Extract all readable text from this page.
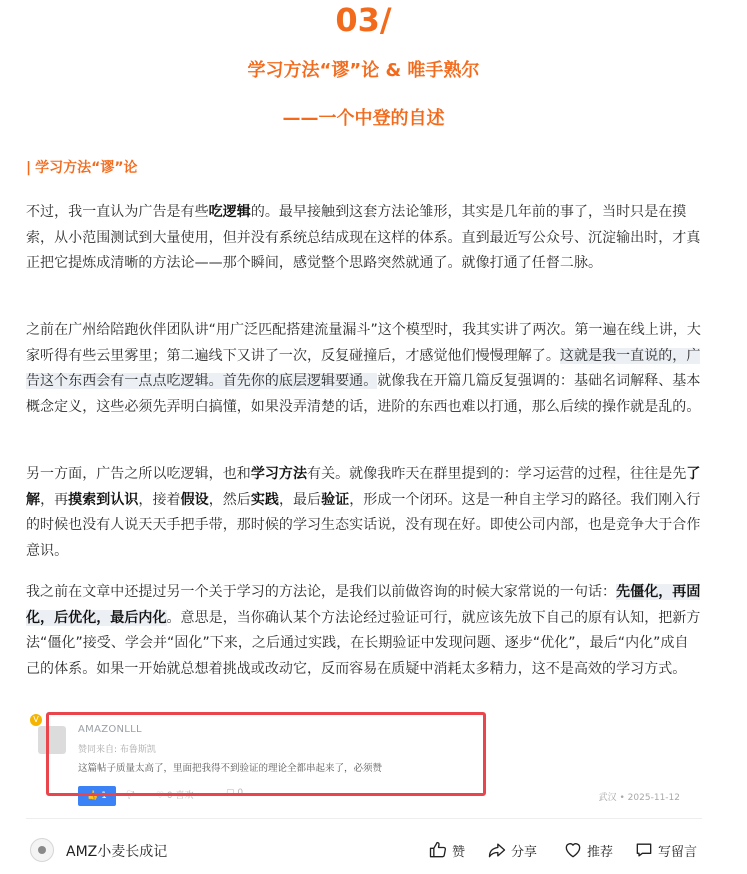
03/
学习方法“谬”论 & 唯手熟尔
——一个中登的自述
| 学习方法“谬”论
不过，我一直认为广告是有些吃逻辑的。最早接触到这套方法论雏形，其实是几年前的事了，当时只是在摸索，从小范围测试到大量使用，但并没有系统总结成现在这样的体系。直到最近写公众号、沉淀输出时，才真正把它提炼成清晰的方法论——那个瞬间，感觉整个思路突然就通了。就像打通了任督二脉。
之前在广州给陪跑伙伴团队讲“用广泛匹配搭建流量漏斗”这个模型时，我其实讲了两次。第一遍在线上讲，大家听得有些云里雾里；第二遍线下又讲了一次，反复碰撞后，才感觉他们慢慢理解了。这就是我一直说的，广告这个东西会有一点点吃逻辑。首先你的底层逻辑要通。就像我在开篇几篇反复强调的：基础名词解释、基本概念定义，这些必须先弄明白搞懂，如果没弄清楚的话，进阶的东西也难以打通，那么后续的操作就是乱的。
另一方面，广告之所以吃逻辑，也和学习方法有关。就像我昨天在群里提到的：学习运营的过程，往往是先了解，再摸索到认识，接着假设，然后实践，最后验证，形成一个闭环。这是一种自主学习的路径。我们刚入行的时候也没有人说天天手把手带，那时候的学习生态实话说，没有现在好。即使公司内部，也是竞争大于合作意识。
我之前在文章中还提过另一个关于学习的方法论，是我们以前做咨询的时候大家常说的一句话：先僵化，再固化，后优化，最后内化。意思是，当你确认某个方法论经过验证可行，就应该先放下自己的原有认知，把新方法“僵化”接受、学会并“固化”下来，之后通过实践，在长期验证中发现问题、逐步“优化”，最后“内化”成自己的体系。如果一开始就总想着挑战或改动它，反而容易在质疑中消耗太多精力，这不是高效的学习方式。
V
AMAZONLLL
赞同来自: 布鲁斯凯
这篇帖子质量太高了，里面把我得不到验证的理论全都串起来了，必须赞
👍 1	🖓 ♡ 0 喜欢	▢ 0	武汉 • 2025-11-12
AMZ小麦长成记	赞	分享	推荐	写留言
